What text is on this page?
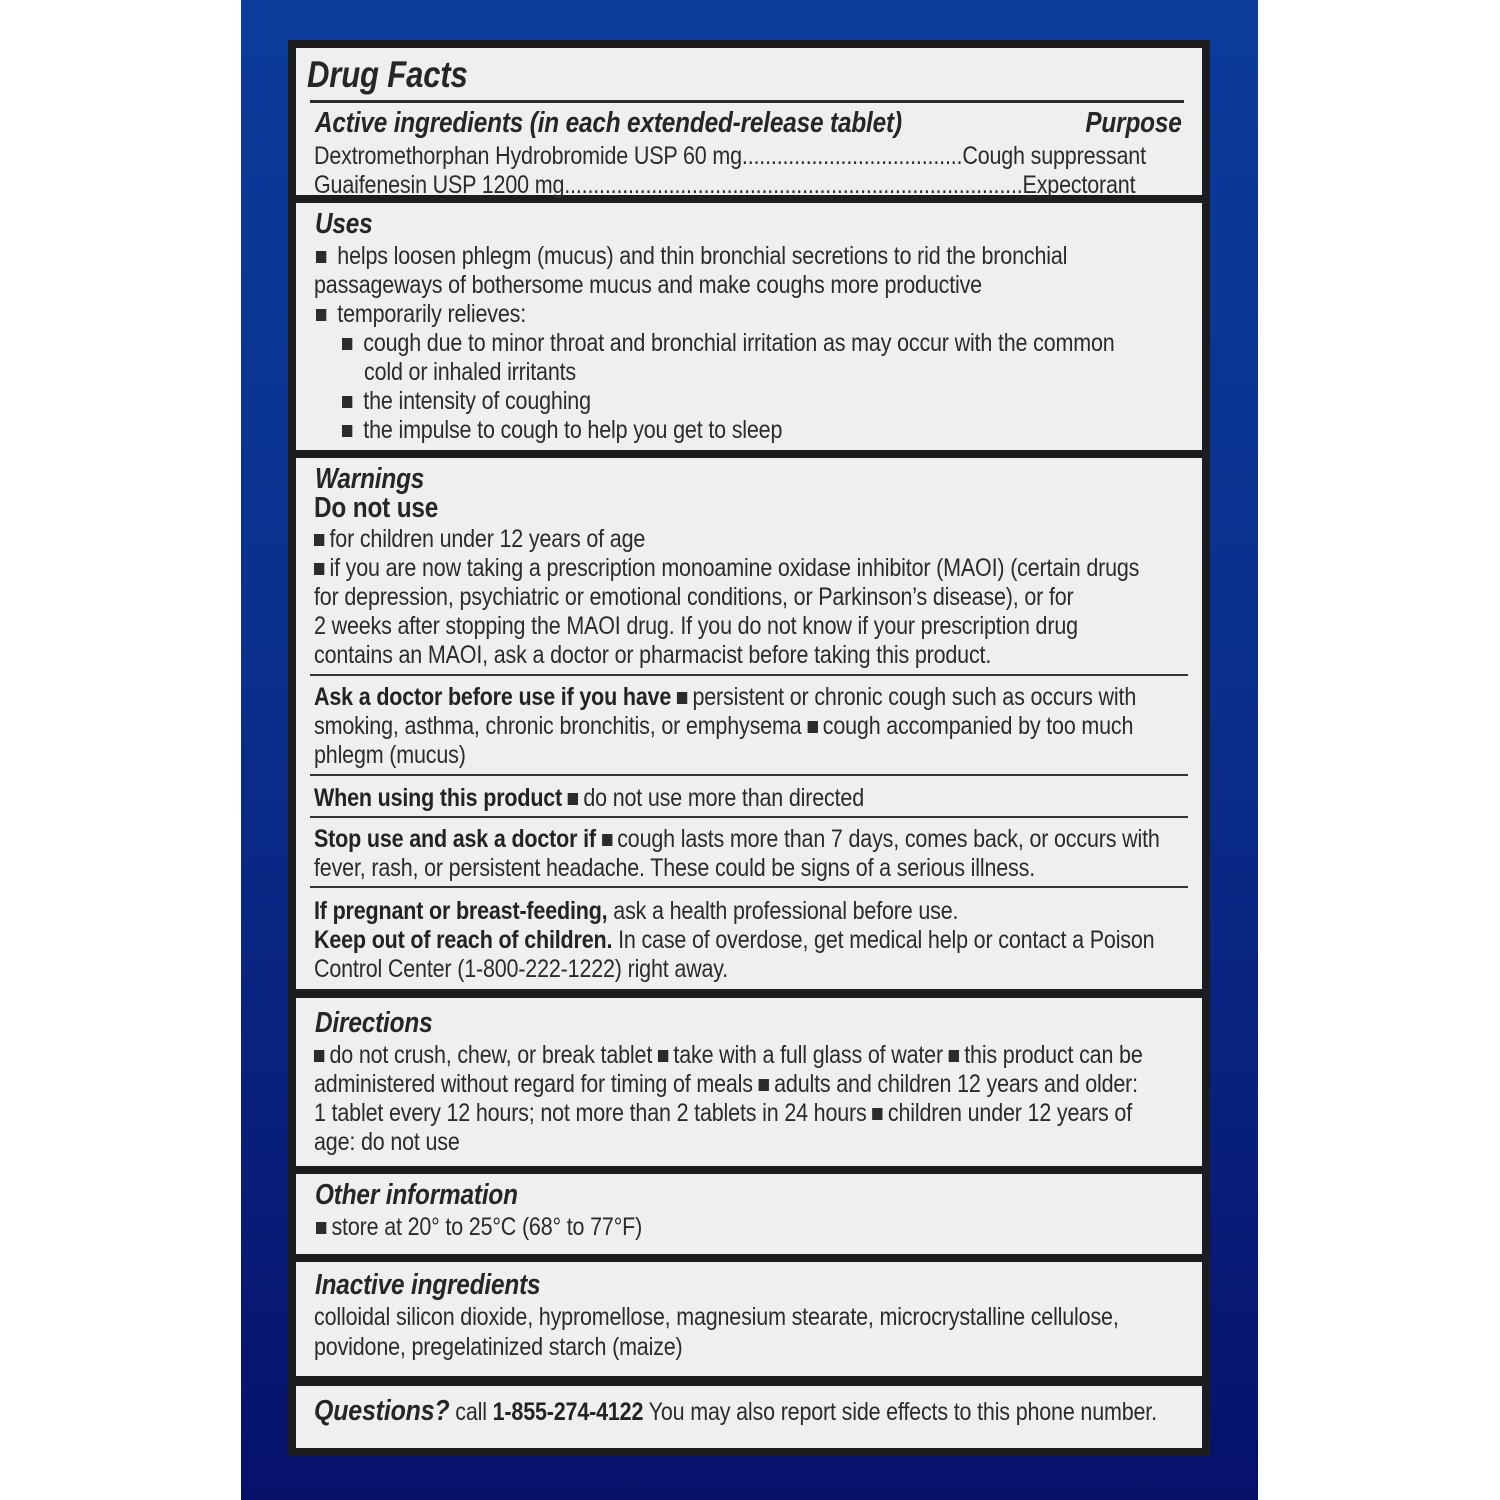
Drug Facts
Active ingredients (in each extended-release tablet)	Purpose
Dextromethorphan Hydrobromide USP 60 mg......................................Cough suppressant
Guaifenesin USP 1200 mg...............................................................................Expectorant
Uses
helps loosen phlegm (mucus) and thin bronchial secretions to rid the bronchial
passageways of bothersome mucus and make coughs more productive
temporarily relieves:
cough due to minor throat and bronchial irritation as may occur with the common
cold or inhaled irritants
the intensity of coughing
the impulse to cough to help you get to sleep
Warnings
Do not use
for children under 12 years of age
if you are now taking a prescription monoamine oxidase inhibitor (MAOI) (certain drugs
for depression, psychiatric or emotional conditions, or Parkinson’s disease), or for
2 weeks after stopping the MAOI drug. If you do not know if your prescription drug
contains an MAOI, ask a doctor or pharmacist before taking this product.
Ask a doctor before use if you have persistent or chronic cough such as occurs with
smoking, asthma, chronic bronchitis, or emphysema cough accompanied by too much
phlegm (mucus)
When using this product do not use more than directed
Stop use and ask a doctor if cough lasts more than 7 days, comes back, or occurs with
fever, rash, or persistent headache. These could be signs of a serious illness.
If pregnant or breast-feeding, ask a health professional before use.
Keep out of reach of children. In case of overdose, get medical help or contact a Poison
Control Center (1-800-222-1222) right away.
Directions
do not crush, chew, or break tablet take with a full glass of water this product can be
administered without regard for timing of meals adults and children 12 years and older:
1 tablet every 12 hours; not more than 2 tablets in 24 hours children under 12 years of
age: do not use
Other information
store at 20° to 25°C (68° to 77°F)
Inactive ingredients
colloidal silicon dioxide, hypromellose, magnesium stearate, microcrystalline cellulose,
povidone, pregelatinized starch (maize)
Questions? call 1-855-274-4122 You may also report side effects to this phone number.
